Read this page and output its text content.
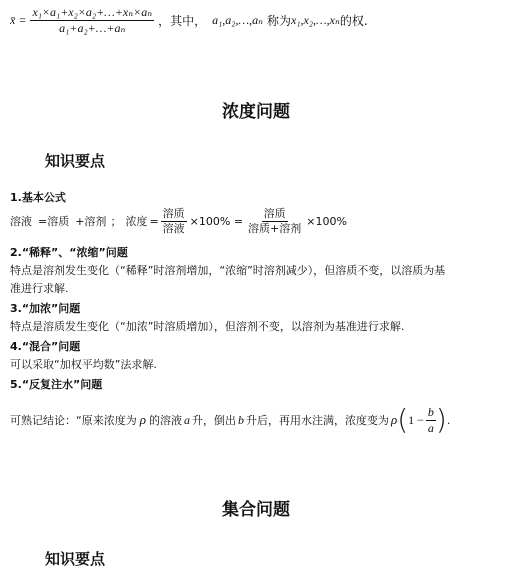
x̄ = $\frac{\text{x₁×a₁+x₂×a₂+…+xₙ×aₙ}}{\text{a₁+a₂+…+aₙ}}$ ，其中， a₁,a₂,…,aₙ 称为 x₁,x₂,…,xₙ 的权.
浓度问题
知识要点
1.基本公式
溶液 =溶质 +溶剂 ； 浓度 = $\frac{\text{溶质}}{\text{溶液}} \times 100\% = \frac{\text{溶质}}{\text{溶质+溶剂}} \times 100\%$
2.“稀释”、“浓缩”问题
特点是溶剂发生变化（“稀释”时溶剂增加，“浓缩”时溶剂减少），但溶质不变，以溶质为基
准进行求解.
3.“加浓”问题
特点是溶质发生变化（“加浓”时溶质增加），但溶剂不变，以溶剂为基准进行求解.
4.“混合”问题
可以采取“加权平均数”法求解.
5.“反复注水”问题
可熟记结论：“原来浓度为 ρ 的溶液 a 升，倒出 b 升后，再用水注满，浓度变为 ρ ( $1 - \frac{b}{a}$ ) .
集合问题
知识要点
